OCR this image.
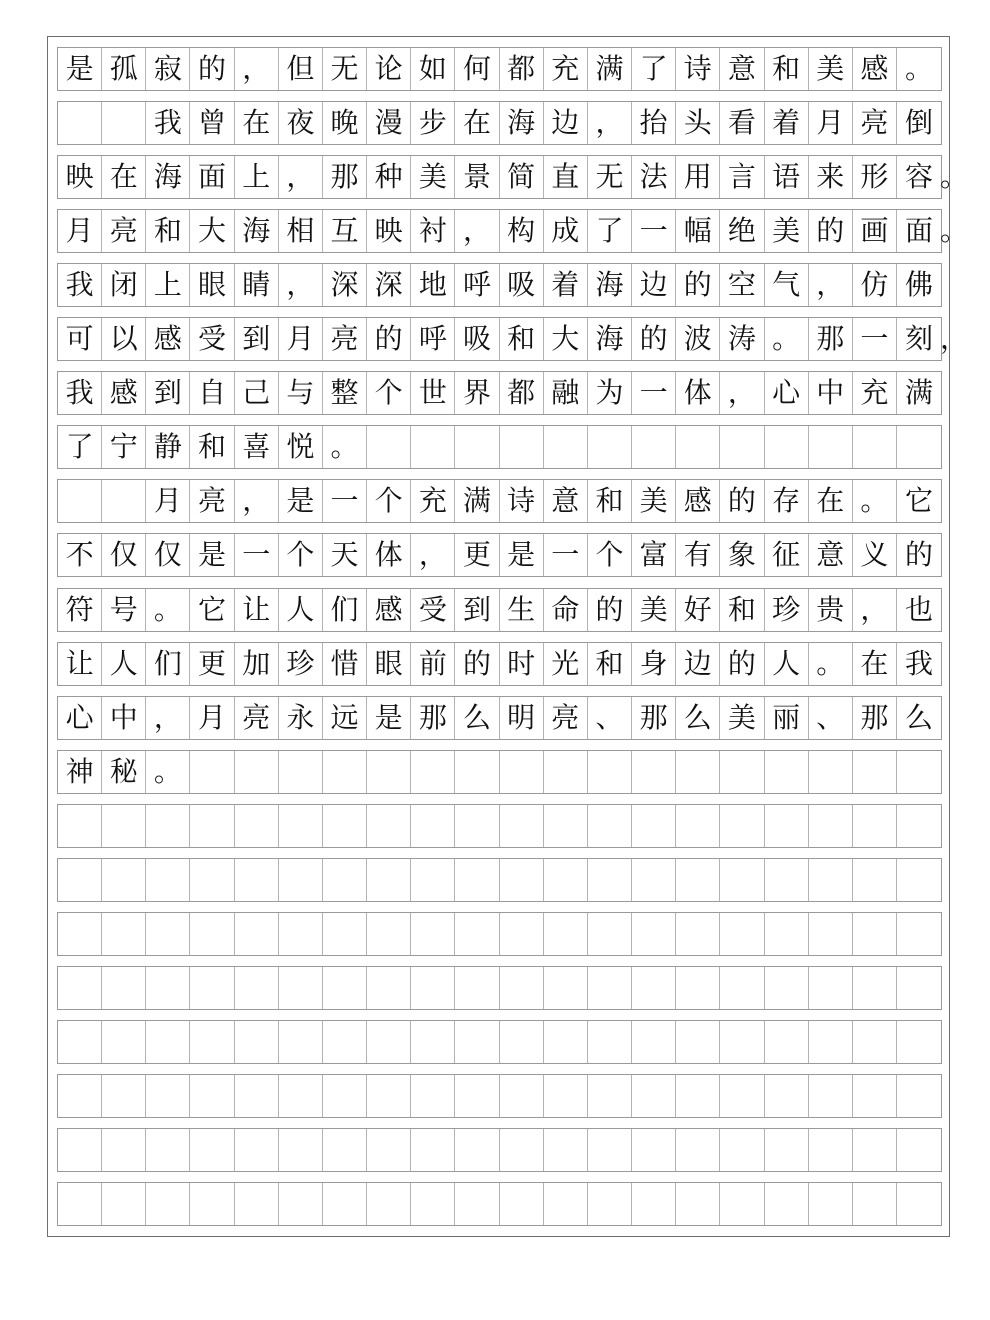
是 孤 寂 的 ， 但 无 论 如 何 都 充 满 了 诗 意 和 美 感 。
我 曾 在 夜 晚 漫 步 在 海 边 ， 抬 头 看 着 月 亮 倒
映 在 海 面 上 ， 那 种 美 景 简 直 无 法 用 言 语 来 形 容 。
月 亮 和 大 海 相 互 映 衬 ， 构 成 了 一 幅 绝 美 的 画 面 。
我 闭 上 眼 睛 ， 深 深 地 呼 吸 着 海 边 的 空 气 ， 仿 佛
可 以 感 受 到 月 亮 的 呼 吸 和 大 海 的 波 涛 。 那 一 刻 ，
我 感 到 自 己 与 整 个 世 界 都 融 为 一 体 ， 心 中 充 满
了 宁 静 和 喜 悦 。
月 亮 ， 是 一 个 充 满 诗 意 和 美 感 的 存 在 。 它
不 仅 仅 是 一 个 天 体 ， 更 是 一 个 富 有 象 征 意 义 的
符 号 。 它 让 人 们 感 受 到 生 命 的 美 好 和 珍 贵 ， 也
让 人 们 更 加 珍 惜 眼 前 的 时 光 和 身 边 的 人 。 在 我
心 中 ， 月 亮 永 远 是 那 么 明 亮 、 那 么 美 丽 、 那 么
神 秘 。
